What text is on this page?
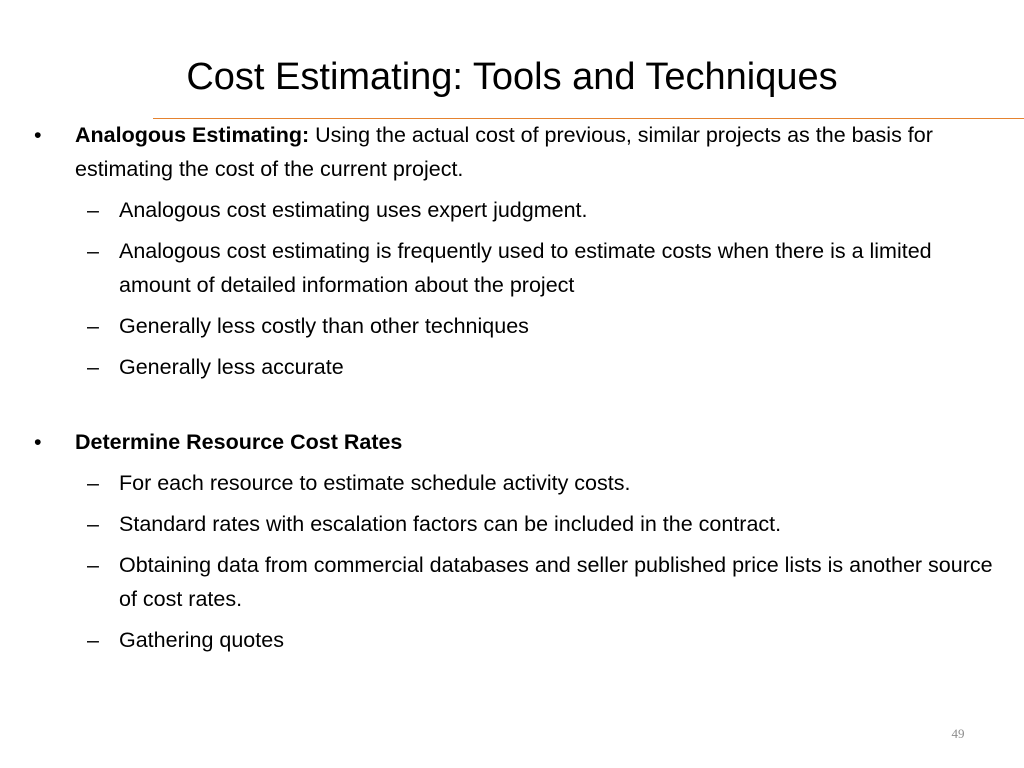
Cost Estimating: Tools and Techniques
•	Analogous Estimating: Using the actual cost of previous, similar projects as the basis for estimating the cost of the current project.
– Analogous cost estimating uses expert judgment.
– Analogous cost estimating is frequently used to estimate costs when there is a limited amount of detailed information about the project
– Generally less costly than other techniques
– Generally less accurate
•	Determine Resource Cost Rates
– For each resource to estimate schedule activity costs.
– Standard rates with escalation factors can be included in the contract.
– Obtaining data from commercial databases and seller published price lists is another source of cost rates.
– Gathering quotes
49
